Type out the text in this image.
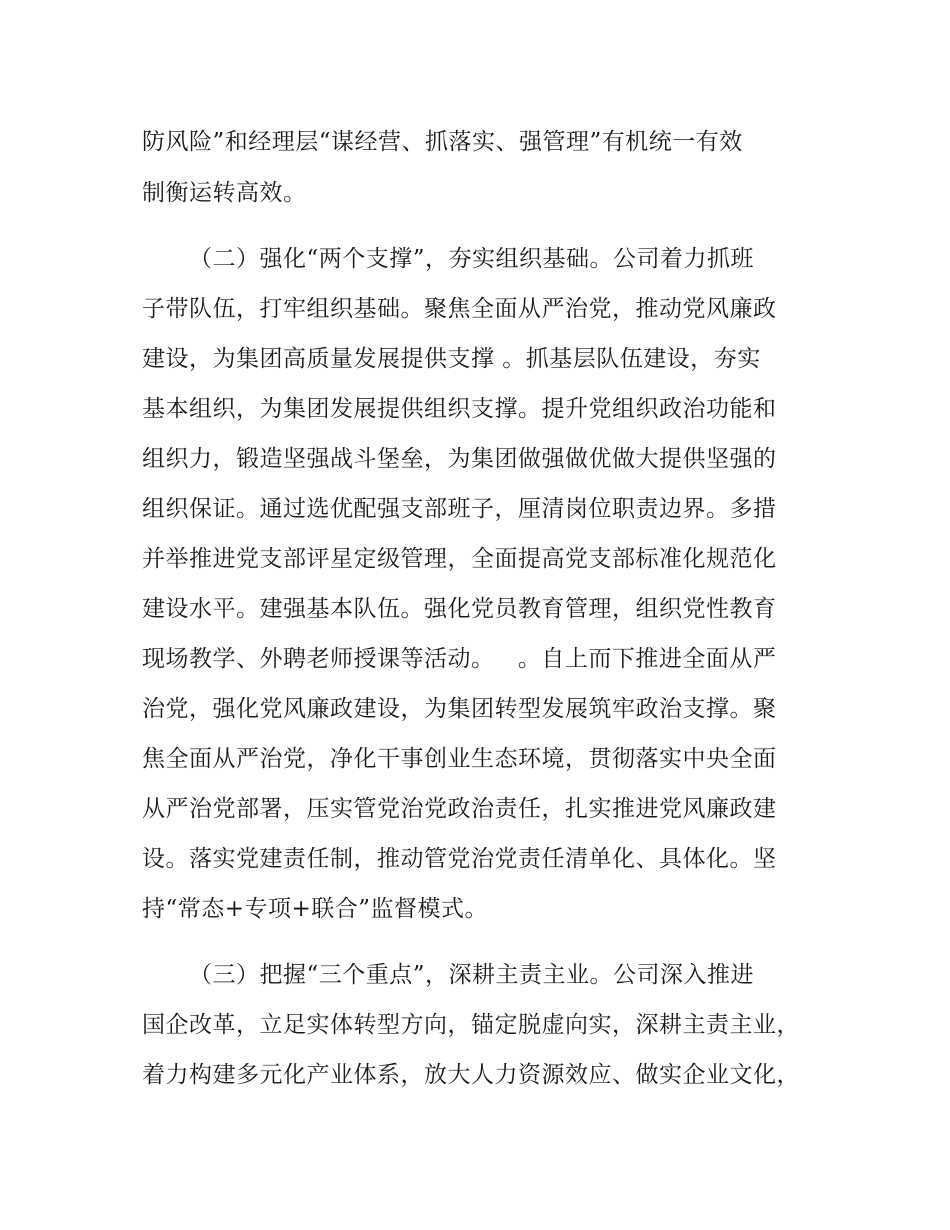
防风险”和经理层“谋经营、抓落实、强管理”有机统一有效
制衡运转高效。
（二）强化“两个支撑”，夯实组织基础。公司着力抓班
子带队伍，打牢组织基础。聚焦全面从严治党，推动党风廉政
建设，为集团高质量发展提供支撑 。抓基层队伍建设，夯实
基本组织，为集团发展提供组织支撑。提升党组织政治功能和
组织力，锻造坚强战斗堡垒，为集团做强做优做大提供坚强的
组织保证。通过选优配强支部班子，厘清岗位职责边界。多措
并举推进党支部评星定级管理，全面提高党支部标准化规范化
建设水平。建强基本队伍。强化党员教育管理，组织党性教育
现场教学、外聘老师授课等活动。   。自上而下推进全面从严
治党，强化党风廉政建设，为集团转型发展筑牢政治支撑。聚
焦全面从严治党，净化干事创业生态环境，贯彻落实中央全面
从严治党部署，压实管党治党政治责任，扎实推进党风廉政建
设。落实党建责任制，推动管党治党责任清单化、具体化。坚
持“常态+专项+联合”监督模式。
（三）把握“三个重点”，深耕主责主业。公司深入推进
国企改革，立足实体转型方向，锚定脱虚向实，深耕主责主业，
着力构建多元化产业体系，放大人力资源效应、做实企业文化，
